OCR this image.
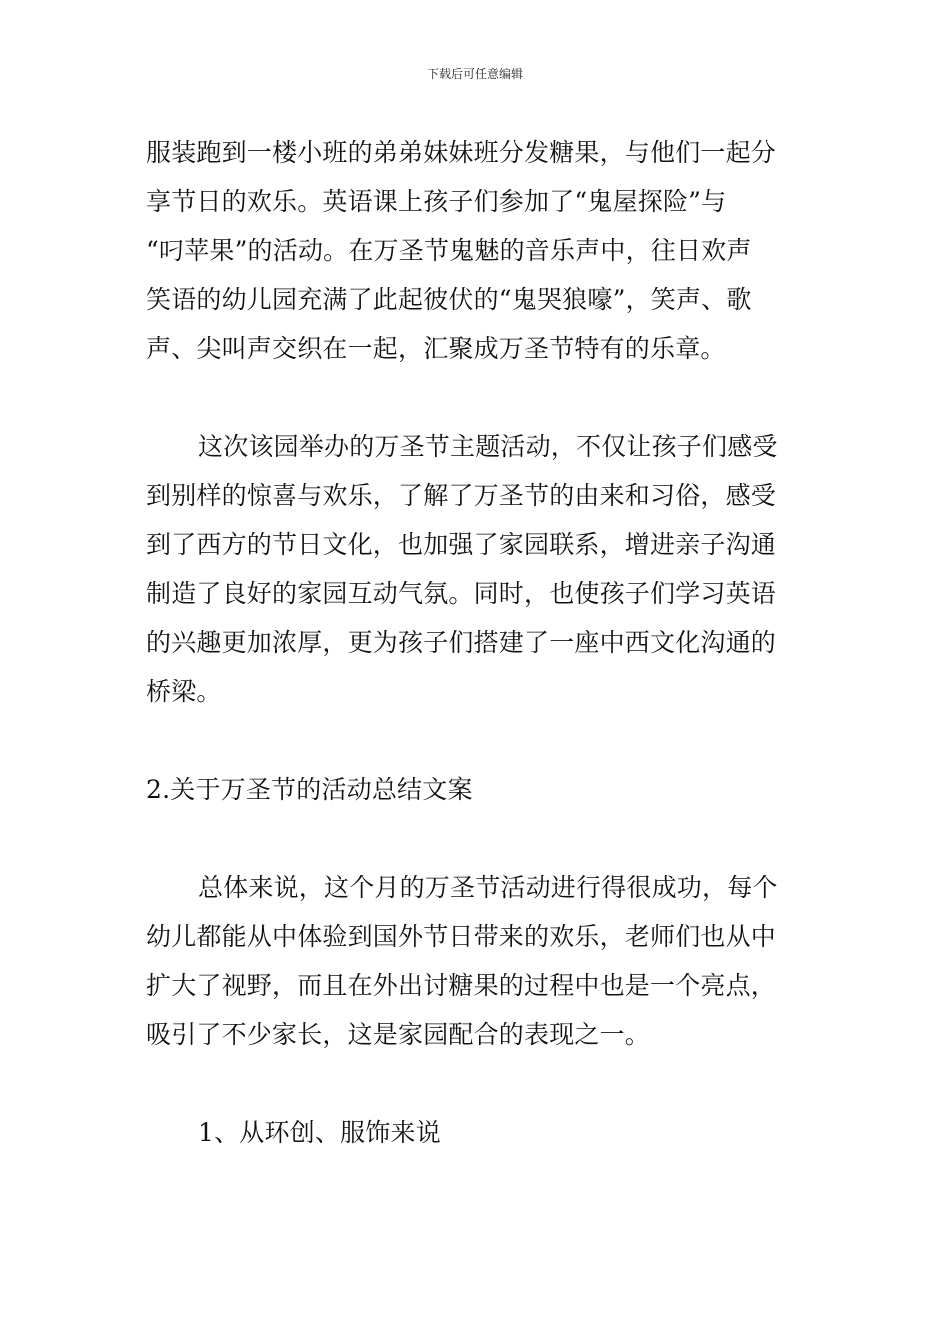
下载后可任意编辑
服装跑到一楼小班的弟弟妹妹班分发糖果，与他们一起分
享节日的欢乐。英语课上孩子们参加了“鬼屋探险”与
“叼苹果”的活动。在万圣节鬼魅的音乐声中，往日欢声
笑语的幼儿园充满了此起彼伏的“鬼哭狼嚎”，笑声、歌
声、尖叫声交织在一起，汇聚成万圣节特有的乐章。
这次该园举办的万圣节主题活动，不仅让孩子们感受
到别样的惊喜与欢乐，了解了万圣节的由来和习俗，感受
到了西方的节日文化，也加强了家园联系，增进亲子沟通
制造了良好的家园互动气氛。同时，也使孩子们学习英语
的兴趣更加浓厚，更为孩子们搭建了一座中西文化沟通的
桥梁。
2.关于万圣节的活动总结文案
总体来说，这个月的万圣节活动进行得很成功，每个
幼儿都能从中体验到国外节日带来的欢乐，老师们也从中
扩大了视野，而且在外出讨糖果的过程中也是一个亮点，
吸引了不少家长，这是家园配合的表现之一。
1、从环创、服饰来说
